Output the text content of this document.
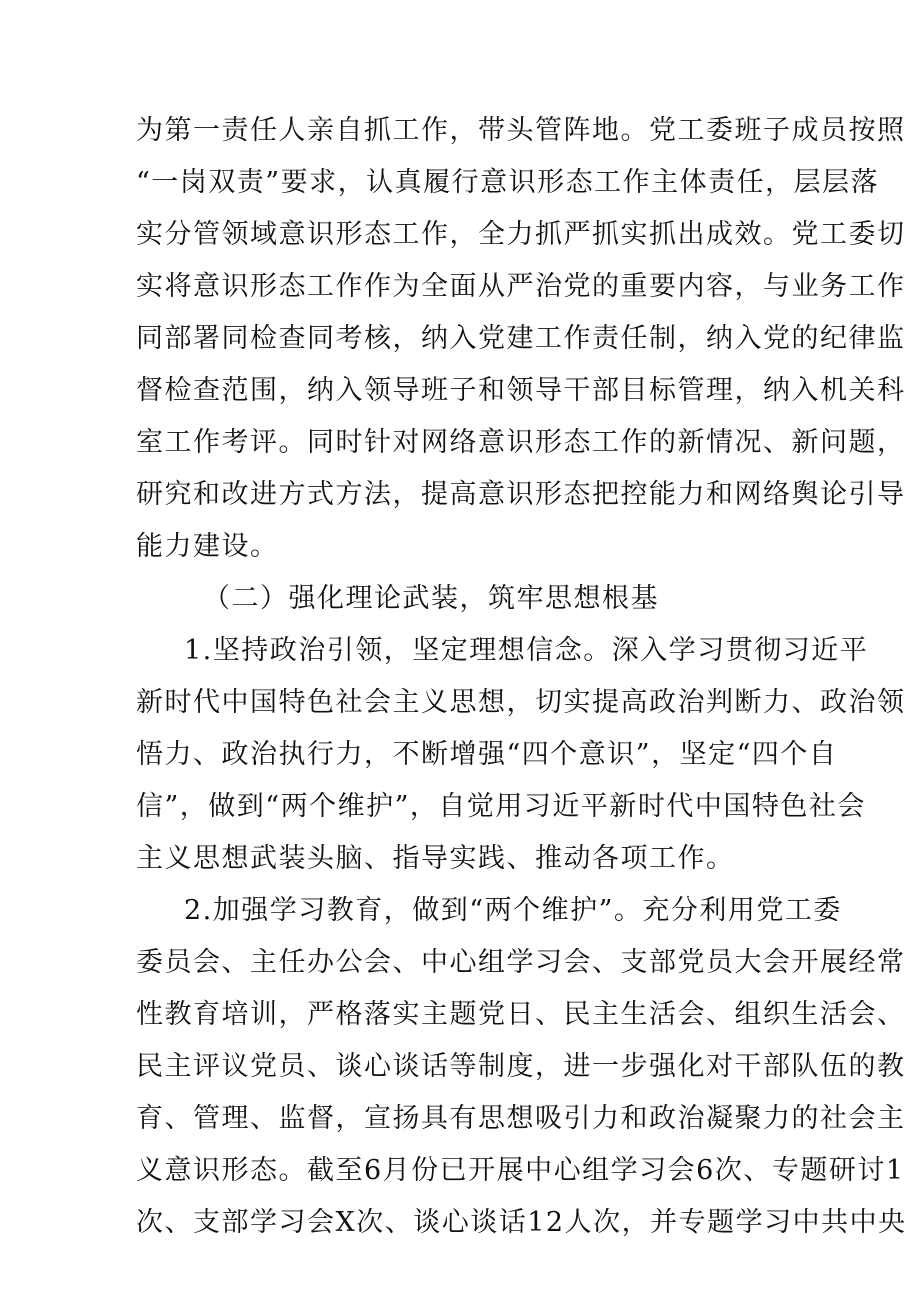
为第一责任人亲自抓工作，带头管阵地。党工委班子成员按照
“一岗双责”要求，认真履行意识形态工作主体责任，层层落
实分管领域意识形态工作，全力抓严抓实抓出成效。党工委切
实将意识形态工作作为全面从严治党的重要内容，与业务工作
同部署同检查同考核，纳入党建工作责任制，纳入党的纪律监
督检查范围，纳入领导班子和领导干部目标管理，纳入机关科
室工作考评。同时针对网络意识形态工作的新情况、新问题，
研究和改进方式方法，提高意识形态把控能力和网络舆论引导
能力建设。
（二）强化理论武装，筑牢思想根基
1.坚持政治引领，坚定理想信念。深入学习贯彻习近平
新时代中国特色社会主义思想，切实提高政治判断力、政治领
悟力、政治执行力，不断增强“四个意识”，坚定“四个自
信”，做到“两个维护”，自觉用习近平新时代中国特色社会
主义思想武装头脑、指导实践、推动各项工作。
2.加强学习教育，做到“两个维护”。充分利用党工委
委员会、主任办公会、中心组学习会、支部党员大会开展经常
性教育培训，严格落实主题党日、民主生活会、组织生活会、
民主评议党员、谈心谈话等制度，进一步强化对干部队伍的教
育、管理、监督，宣扬具有思想吸引力和政治凝聚力的社会主
义意识形态。截至6月份已开展中心组学习会6次、专题研讨1
次、支部学习会X次、谈心谈话12人次，并专题学习中共中央
